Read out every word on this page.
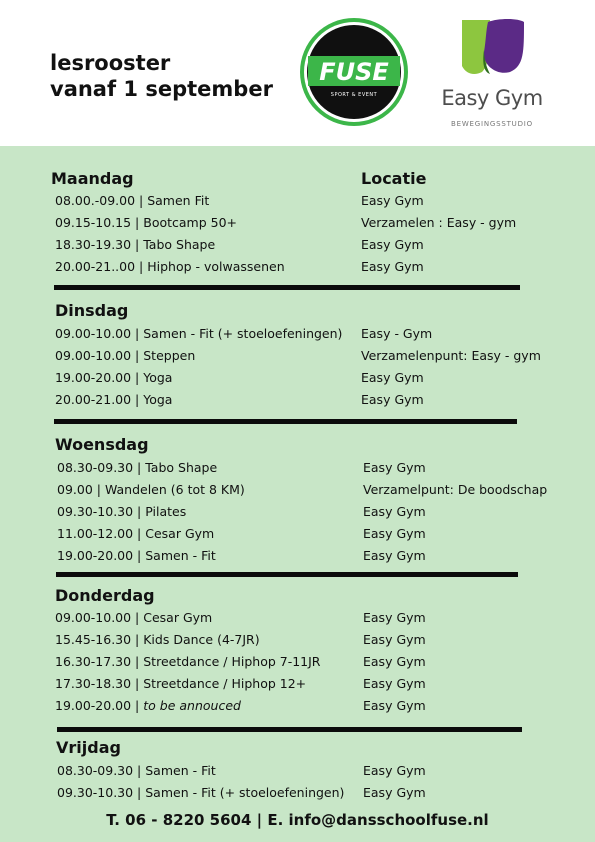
lesrooster
vanaf 1 september
FUSE
SPORT & EVENT	Easy Gym
BEWEGINGSSTUDIO
Locatie
Maandag
08.00.-09.00 | Samen Fit	Easy Gym
09.15-10.15 | Bootcamp 50+	Verzamelen : Easy - gym
18.30-19.30 | Tabo Shape	Easy Gym
20.00-21..00 | Hiphop - volwassenen	Easy Gym
Dinsdag
09.00-10.00 | Samen - Fit (+ stoeloefeningen) Easy - Gym
09.00-10.00 | Steppen	Verzamelenpunt: Easy - gym
19.00-20.00 | Yoga	Easy Gym
20.00-21.00 | Yoga	Easy Gym
Woensdag
08.30-09.30 | Tabo Shape	Easy Gym
09.00 | Wandelen (6 tot 8 KM)	Verzamelpunt: De boodschap
09.30-10.30 | Pilates	Easy Gym
11.00-12.00 | Cesar Gym	Easy Gym
19.00-20.00 | Samen - Fit	Easy Gym
Donderdag
09.00-10.00 | Cesar Gym	Easy Gym
15.45-16.30 | Kids Dance (4-7JR)	Easy Gym
16.30-17.30 | Streetdance / Hiphop 7-11JR	Easy Gym
17.30-18.30 | Streetdance / Hiphop 12+	Easy Gym
19.00-20.00 | to be annouced	Easy Gym
Vrijdag
08.30-09.30 | Samen - Fit	Easy Gym
09.30-10.30 | Samen - Fit (+ stoeloefeningen) Easy Gym
T. 06 - 8220 5604 | E. info@dansschoolfuse.nl
